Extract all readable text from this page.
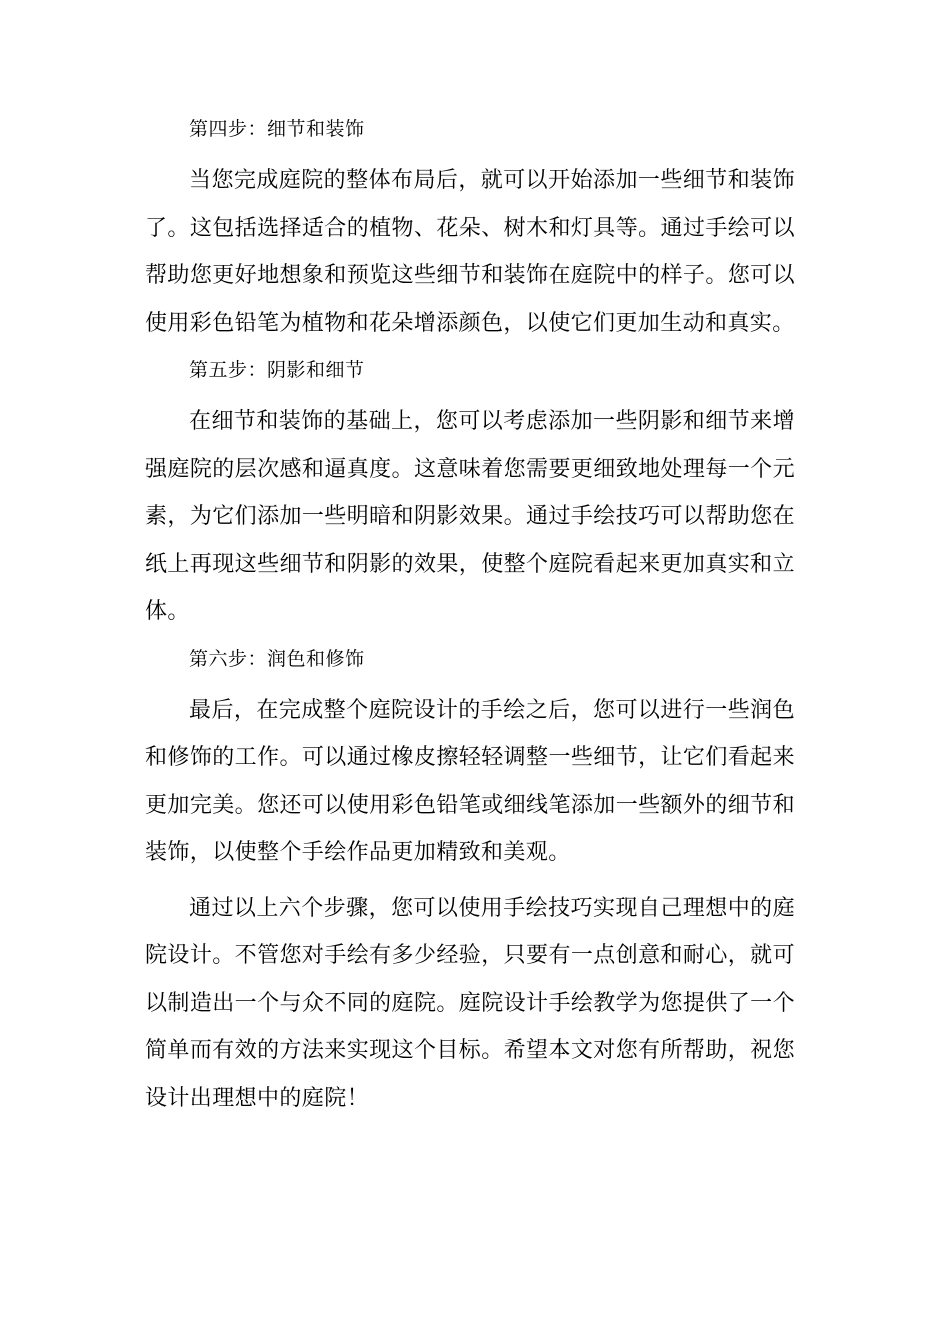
第四步：细节和装饰

当您完成庭院的整体布局后，就可以开始添加一些细节和装饰了。这包括选择适合的植物、花朵、树木和灯具等。通过手绘可以帮助您更好地想象和预览这些细节和装饰在庭院中的样子。您可以使用彩色铅笔为植物和花朵增添颜色，以使它们更加生动和真实。

第五步：阴影和细节

在细节和装饰的基础上，您可以考虑添加一些阴影和细节来增强庭院的层次感和逼真度。这意味着您需要更细致地处理每一个元素，为它们添加一些明暗和阴影效果。通过手绘技巧可以帮助您在纸上再现这些细节和阴影的效果，使整个庭院看起来更加真实和立体。

第六步：润色和修饰

最后，在完成整个庭院设计的手绘之后，您可以进行一些润色和修饰的工作。可以通过橡皮擦轻轻调整一些细节，让它们看起来更加完美。您还可以使用彩色铅笔或细线笔添加一些额外的细节和装饰，以使整个手绘作品更加精致和美观。

通过以上六个步骤，您可以使用手绘技巧实现自己理想中的庭院设计。不管您对手绘有多少经验，只要有一点创意和耐心，就可以制造出一个与众不同的庭院。庭院设计手绘教学为您提供了一个简单而有效的方法来实现这个目标。希望本文对您有所帮助，祝您设计出理想中的庭院！
